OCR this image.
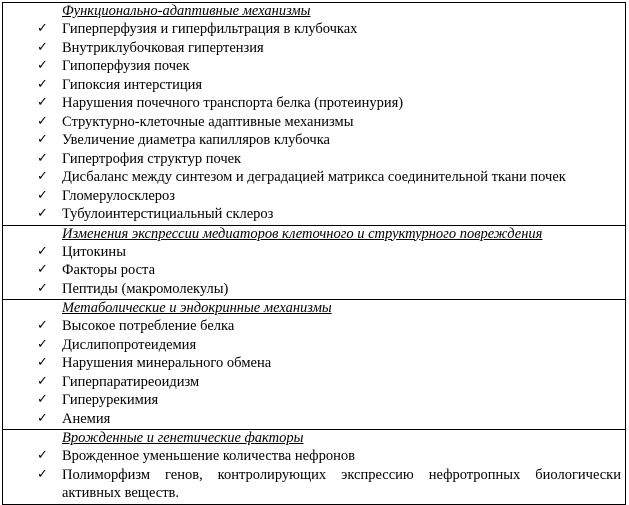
Функционально-адаптивные механизмы
✓ Гиперперфузия и гиперфильтрация в клубочках
✓ Внутриклубочковая гипертензия
✓ Гипоперфузия почек
✓ Гипоксия интерстиция
✓ Нарушения почечного транспорта белка (протеинурия)
✓ Структурно-клеточные адаптивные механизмы
✓ Увеличение диаметра капилляров клубочка
✓ Гипертрофия структур почек
✓ Дисбаланс между синтезом и деградацией матрикса соединительной ткани почек
✓ Гломерулосклероз
✓ Тубулоинтерстициальный склероз

Изменения экспрессии медиаторов клеточного и структурного повреждения
✓ Цитокины
✓ Факторы роста
✓ Пептиды (макромолекулы)

Метаболические и эндокринные механизмы
✓ Высокое потребление белка
✓ Дислипопротеидемия
✓ Нарушения минерального обмена
✓ Гиперпаратиреоидизм
✓ Гиперурекимия
✓ Анемия

Врожденные и генетические факторы
✓ Врожденное уменьшение количества нефронов
✓ Полиморфизм генов, контролирующих экспрессию нефротропных биологически активных веществ.
